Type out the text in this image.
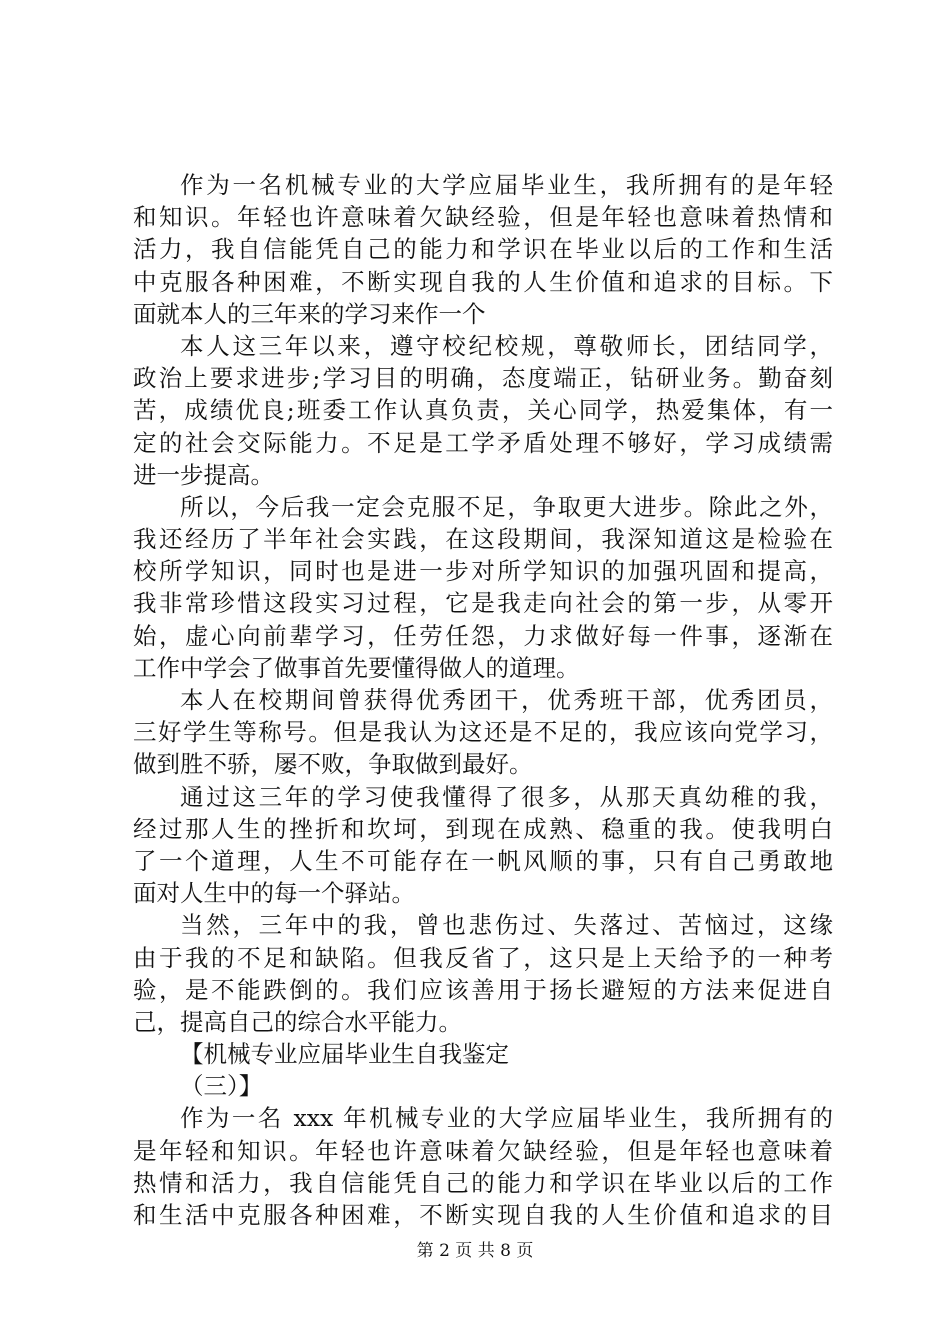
作为一名机械专业的大学应届毕业生，我所拥有的是年轻
和知识。年轻也许意味着欠缺经验，但是年轻也意味着热情和
活力，我自信能凭自己的能力和学识在毕业以后的工作和生活
中克服各种困难，不断实现自我的人生价值和追求的目标。下
面就本人的三年来的学习来作一个
本人这三年以来，遵守校纪校规，尊敬师长，团结同学，
政治上要求进步;学习目的明确，态度端正，钻研业务。勤奋刻
苦，成绩优良;班委工作认真负责，关心同学，热爱集体，有一
定的社会交际能力。不足是工学矛盾处理不够好，学习成绩需
进一步提高。
所以，今后我一定会克服不足，争取更大进步。除此之外，
我还经历了半年社会实践，在这段期间，我深知道这是检验在
校所学知识，同时也是进一步对所学知识的加强巩固和提高，
我非常珍惜这段实习过程，它是我走向社会的第一步，从零开
始，虚心向前辈学习，任劳任怨，力求做好每一件事，逐渐在
工作中学会了做事首先要懂得做人的道理。
本人在校期间曾获得优秀团干，优秀班干部，优秀团员，
三好学生等称号。但是我认为这还是不足的，我应该向党学习，
做到胜不骄，屡不败，争取做到最好。
通过这三年的学习使我懂得了很多，从那天真幼稚的我，
经过那人生的挫折和坎坷，到现在成熟、稳重的我。使我明白
了一个道理，人生不可能存在一帆风顺的事，只有自己勇敢地
面对人生中的每一个驿站。
当然，三年中的我，曾也悲伤过、失落过、苦恼过，这缘
由于我的不足和缺陷。但我反省了，这只是上天给予的一种考
验，是不能跌倒的。我们应该善用于扬长避短的方法来促进自
己，提高自己的综合水平能力。
【机械专业应届毕业生自我鉴定
（三）】
作为一名 xxx 年机械专业的大学应届毕业生，我所拥有的
是年轻和知识。年轻也许意味着欠缺经验，但是年轻也意味着
热情和活力，我自信能凭自己的能力和学识在毕业以后的工作
和生活中克服各种困难，不断实现自我的人生价值和追求的目
第 2 页 共 8 页
